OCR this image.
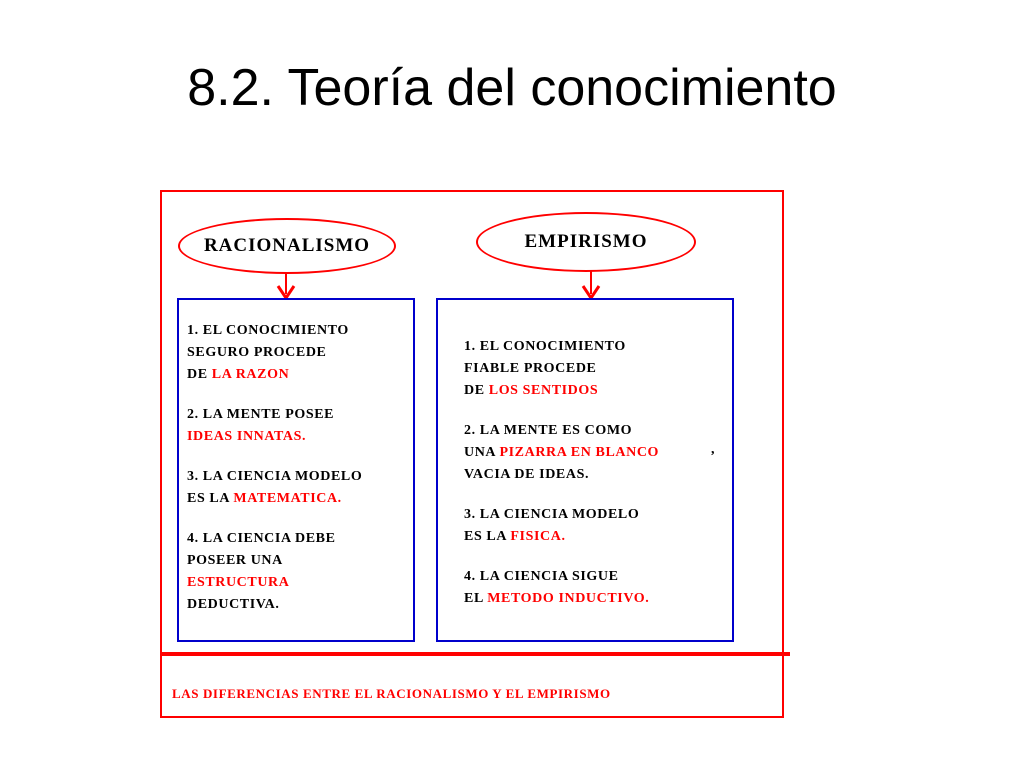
8.2. Teoría del conocimiento
RACIONALISMO	EMPIRISMO
1. EL CONOCIMIENTO
SEGURO PROCEDE
DE LA RAZON
2. LA MENTE POSEE
IDEAS INNATAS.
3. LA CIENCIA MODELO
ES LA MATEMATICA.
4. LA CIENCIA DEBE
POSEER UNA
ESTRUCTURA
DEDUCTIVA.
1. EL CONOCIMIENTO
FIABLE PROCEDE
DE LOS SENTIDOS
2. LA MENTE ES COMO
UNA PIZARRA EN BLANCO
VACIA DE IDEAS.
3. LA CIENCIA MODELO
ES LA FISICA.
4. LA CIENCIA SIGUE
EL METODO INDUCTIVO.
,
LAS DIFERENCIAS ENTRE EL RACIONALISMO Y EL EMPIRISMO
